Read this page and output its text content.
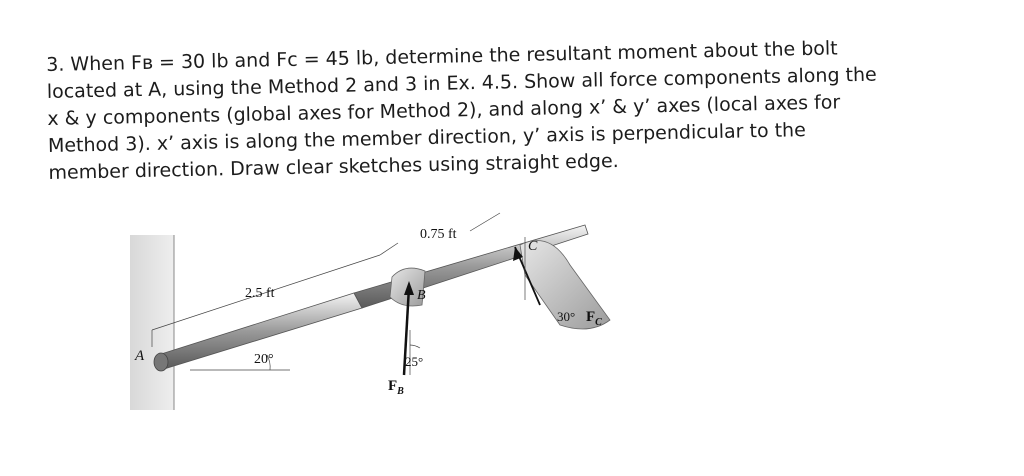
3. When Fʙ = 30 lb and Fᴄ = 45 lb, determine the resultant moment about the bolt located at A, using the Method 2 and 3 in Ex. 4.5. Show all force components along the x & y components (global axes for Method 2), and along x’ & y’ axes (local axes for Method 3). x’ axis is along the member direction, y’ axis is perpendicular to the member direction. Draw clear sketches using straight edge.

2.5 ft
0.75 ft
20°	25°
30°
A
B
C
$F_B$
$F_C$
